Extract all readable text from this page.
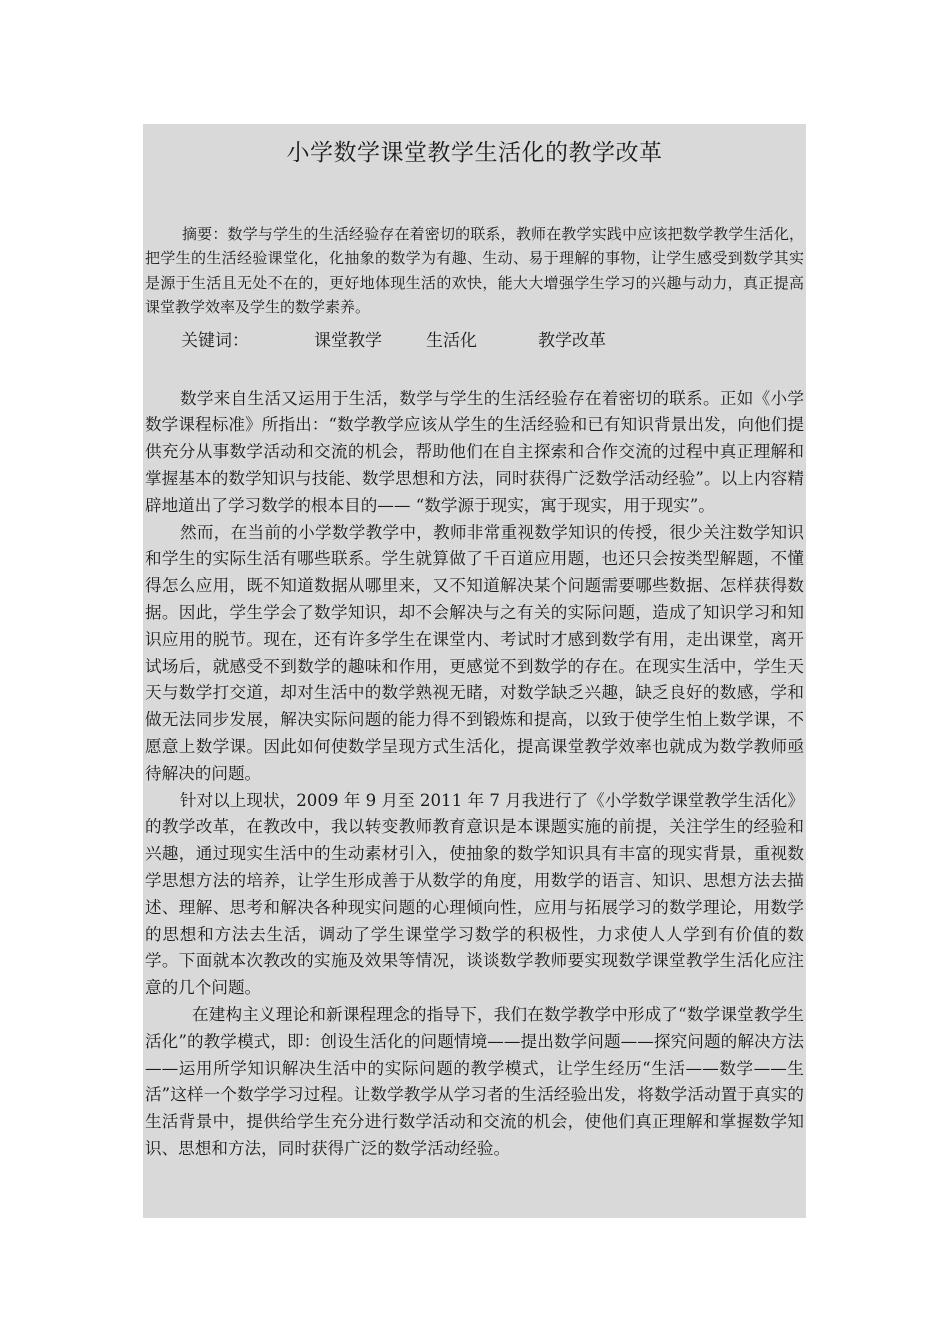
小学数学课堂教学生活化的教学改革

摘要：数学与学生的生活经验存在着密切的联系，教师在教学实践中应该把数学教学生活化，把学生的生活经验课堂化，化抽象的数学为有趣、生动、易于理解的事物，让学生感受到数学其实是源于生活且无处不在的，更好地体现生活的欢快，能大大增强学生学习的兴趣与动力，真正提高课堂教学效率及学生的数学素养。

关键词：	课堂教学	生活化	教学改革

数学来自生活又运用于生活，数学与学生的生活经验存在着密切的联系。正如《小学数学课程标准》所指出：“数学教学应该从学生的生活经验和已有知识背景出发，向他们提供充分从事数学活动和交流的机会，帮助他们在自主探索和合作交流的过程中真正理解和掌握基本的数学知识与技能、数学思想和方法，同时获得广泛数学活动经验”。以上内容精辟地道出了学习数学的根本目的—— “数学源于现实，寓于现实，用于现实”。

然而，在当前的小学数学教学中，教师非常重视数学知识的传授，很少关注数学知识和学生的实际生活有哪些联系。学生就算做了千百道应用题，也还只会按类型解题，不懂得怎么应用，既不知道数据从哪里来，又不知道解决某个问题需要哪些数据、怎样获得数据。因此，学生学会了数学知识，却不会解决与之有关的实际问题，造成了知识学习和知识应用的脱节。现在，还有许多学生在课堂内、考试时才感到数学有用，走出课堂，离开试场后，就感受不到数学的趣味和作用，更感觉不到数学的存在。在现实生活中，学生天天与数学打交道，却对生活中的数学熟视无睹，对数学缺乏兴趣，缺乏良好的数感，学和做无法同步发展，解决实际问题的能力得不到锻炼和提高，以致于使学生怕上数学课，不愿意上数学课。因此如何使数学呈现方式生活化，提高课堂教学效率也就成为数学教师亟待解决的问题。

针对以上现状，2009 年 9 月至 2011 年 7 月我进行了《小学数学课堂教学生活化》的教学改革，在教改中，我以转变教师教育意识是本课题实施的前提，关注学生的经验和兴趣，通过现实生活中的生动素材引入，使抽象的数学知识具有丰富的现实背景，重视数学思想方法的培养，让学生形成善于从数学的角度，用数学的语言、知识、思想方法去描述、理解、思考和解决各种现实问题的心理倾向性，应用与拓展学习的数学理论，用数学的思想和方法去生活，调动了学生课堂学习数学的积极性，力求使人人学到有价值的数学。下面就本次教改的实施及效果等情况，谈谈数学教师要实现数学课堂教学生活化应注意的几个问题。

在建构主义理论和新课程理念的指导下，我们在数学教学中形成了“数学课堂教学生活化”的教学模式，即：创设生活化的问题情境——提出数学问题——探究问题的解决方法——运用所学知识解决生活中的实际问题的教学模式，让学生经历“生活——数学——生活”这样一个数学学习过程。让数学教学从学习者的生活经验出发，将数学活动置于真实的生活背景中，提供给学生充分进行数学活动和交流的机会，使他们真正理解和掌握数学知识、思想和方法，同时获得广泛的数学活动经验。
